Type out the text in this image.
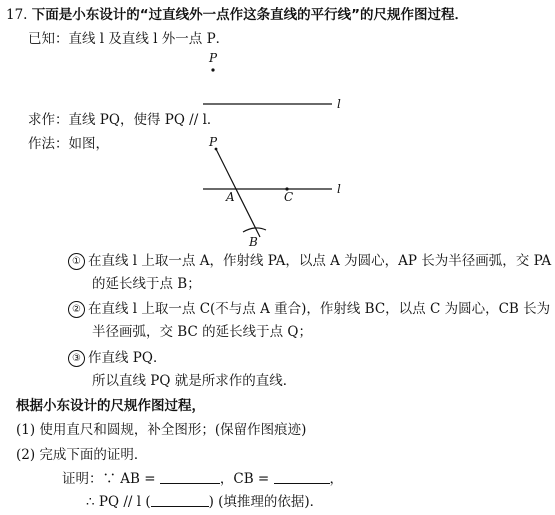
17. 下面是小东设计的“过直线外一点作这条直线的平行线”的尺规作图过程．
已知：直线 l 及直线 l 外一点 P．
P
l
l
P
A	C
B
求作：直线 PQ，使得 PQ // l．
作法：如图，
① 在直线 l 上取一点 A，作射线 PA，以点 A 为圆心，AP 长为半径画弧，交 PA
的延长线于点 B；
② 在直线 l 上取一点 C(不与点 A 重合)，作射线 BC，以点 C 为圆心，CB 长为
半径画弧，交 BC 的延长线于点 Q；
③ 作直线 PQ．
所以直线 PQ 就是所求作的直线．
根据小东设计的尺规作图过程，
(1) 使用直尺和圆规，补全图形；(保留作图痕迹)
(2) 完成下面的证明．
证明：∵ AB =	，CB =	，
∴ PQ // l (	) (填推理的依据)．
